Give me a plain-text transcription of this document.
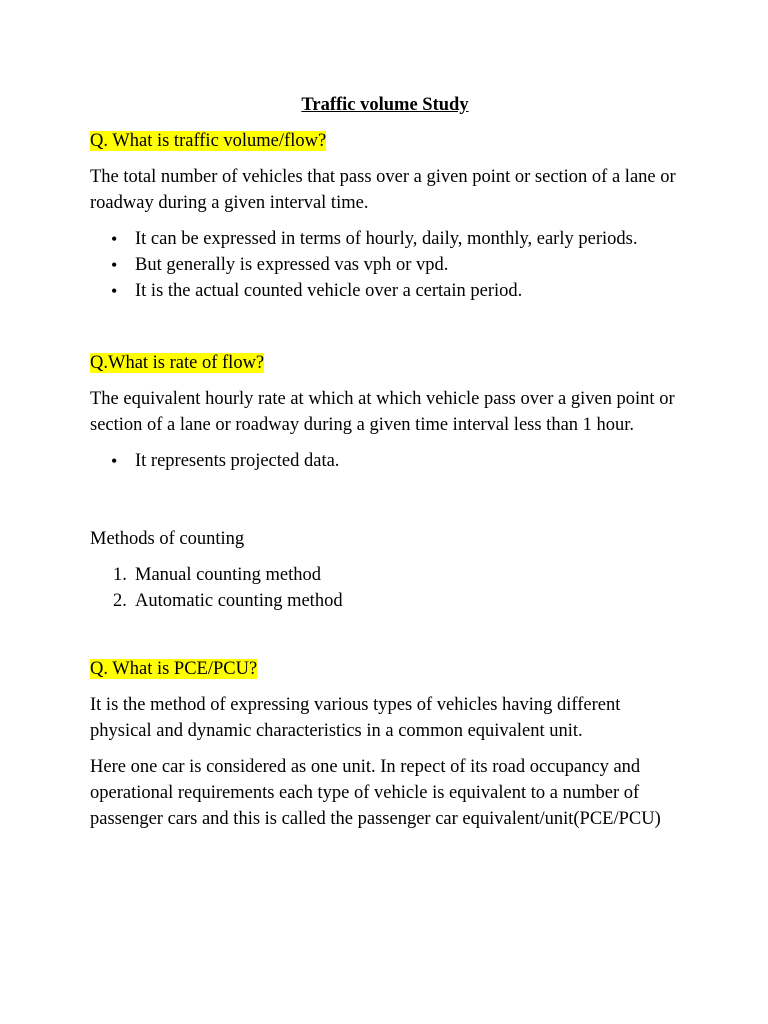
Traffic volume Study
Q. What is traffic volume/flow?

The total number of vehicles that pass over a given point or section of a lane or roadway during a given interval time.

• It can be expressed in terms of hourly, daily, monthly, early periods.
• But generally is expressed vas vph or vpd.
• It is the actual counted vehicle over a certain period.
Q.What is rate of flow?

The equivalent hourly rate at which at which vehicle pass over a given point or section of a lane or roadway during a given time interval less than 1 hour.

• It represents projected data.

Methods of counting

1. Manual counting method
2. Automatic counting method
Q. What is PCE/PCU?

It is the method of expressing various types of vehicles having different physical and dynamic characteristics in a common equivalent unit.

Here one car is considered as one unit. In repect of its road occupancy and operational requirements each type of vehicle is equivalent to a number of passenger cars and this is called the passenger car equivalent/unit(PCE/PCU)
